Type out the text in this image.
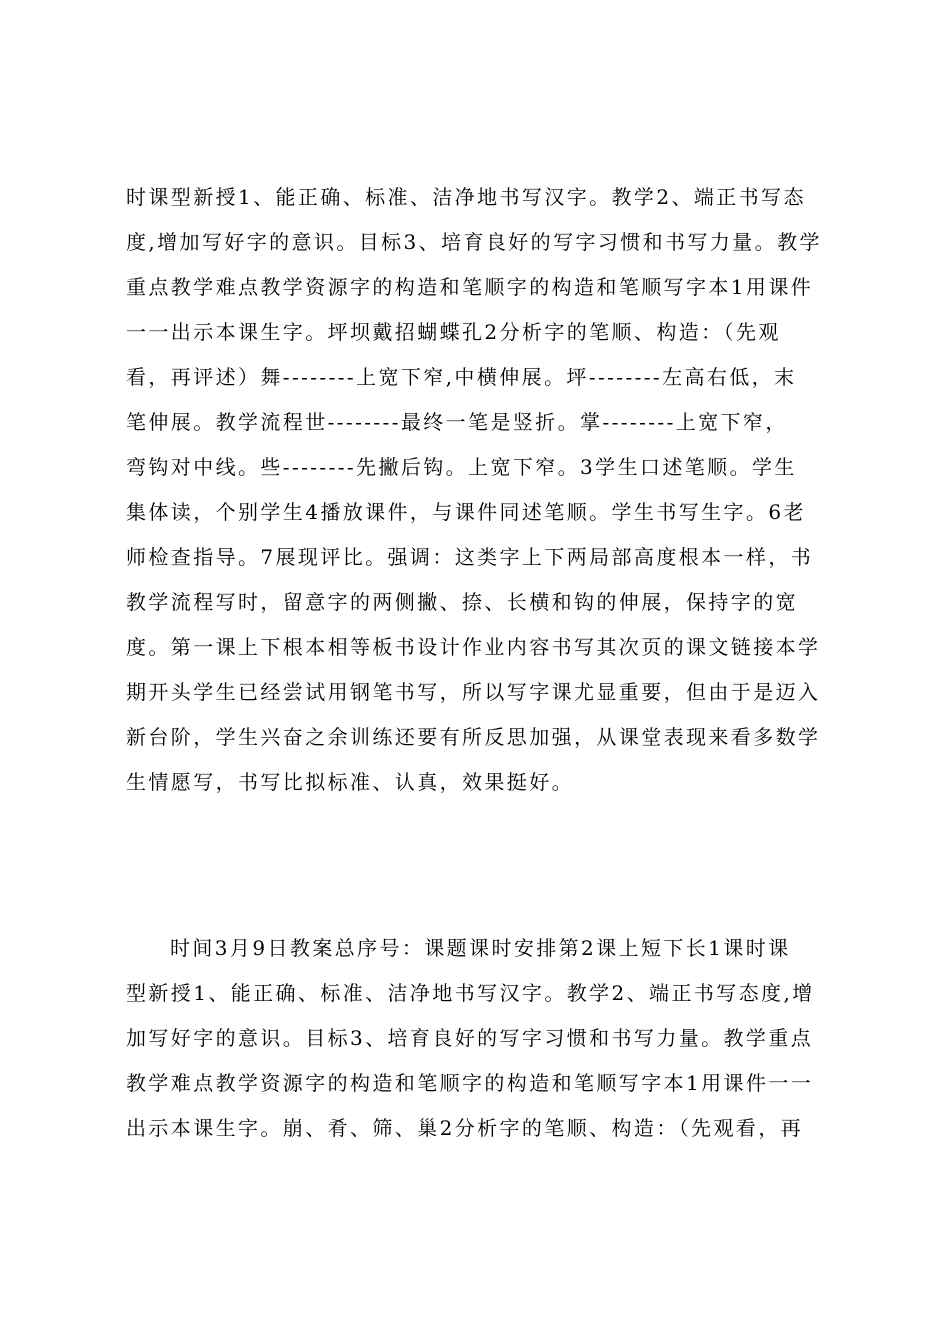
时课型新授1、能正确、标准、洁净地书写汉字。教学2、端正书写态
度,增加写好字的意识。目标3、培育良好的写字习惯和书写力量。教学
重点教学难点教学资源字的构造和笔顺字的构造和笔顺写字本1用课件
一一出示本课生字。坪坝戴招蝴蝶孔2分析字的笔顺、构造：（先观
看，再评述）舞--------上宽下窄,中横伸展。坪--------左高右低，末
笔伸展。教学流程世--------最终一笔是竖折。掌--------上宽下窄，
弯钩对中线。些--------先撇后钩。上宽下窄。3学生口述笔顺。学生
集体读，个别学生4播放课件，与课件同述笔顺。学生书写生字。6老
师检查指导。7展现评比。强调：这类字上下两局部高度根本一样，书
教学流程写时，留意字的两侧撇、捺、长横和钩的伸展，保持字的宽
度。第一课上下根本相等板书设计作业内容书写其次页的课文链接本学
期开头学生已经尝试用钢笔书写，所以写字课尤显重要，但由于是迈入
新台阶，学生兴奋之余训练还要有所反思加强，从课堂表现来看多数学
生情愿写，书写比拟标准、认真，效果挺好。
时间3月9日教案总序号：课题课时安排第2课上短下长1课时课
型新授1、能正确、标准、洁净地书写汉字。教学2、端正书写态度,增
加写好字的意识。目标3、培育良好的写字习惯和书写力量。教学重点
教学难点教学资源字的构造和笔顺字的构造和笔顺写字本1用课件一一
出示本课生字。崩、肴、筛、巢2分析字的笔顺、构造：（先观看，再
